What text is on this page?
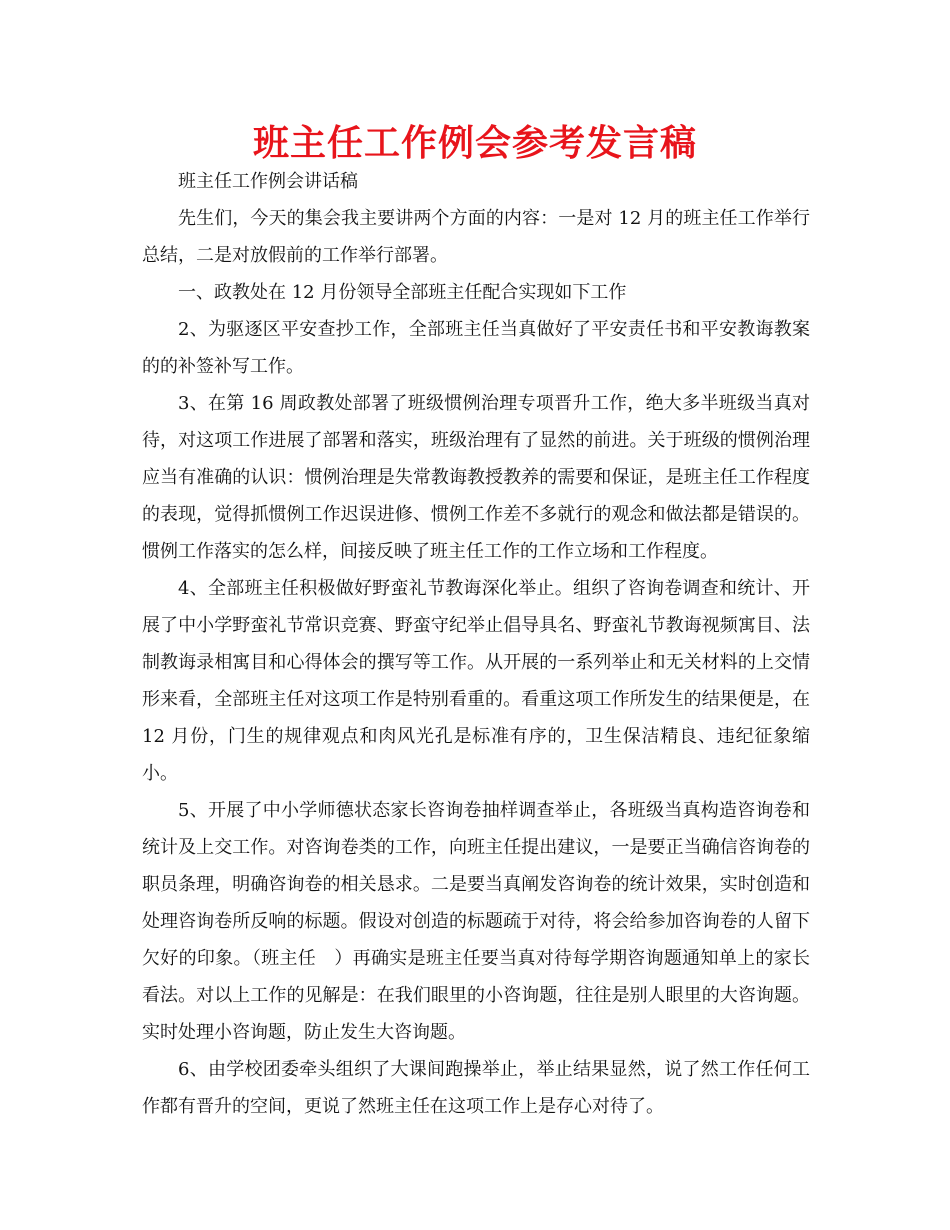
班主任工作例会参考发言稿

班主任工作例会讲话稿

先生们，今天的集会我主要讲两个方面的内容：一是对 12 月的班主任工作举行总结，二是对放假前的工作举行部署。

一、政教处在 12 月份领导全部班主任配合实现如下工作

2、为驱逐区平安查抄工作，全部班主任当真做好了平安责任书和平安教诲教案的的补签补写工作。

3、在第 16 周政教处部署了班级惯例治理专项晋升工作，绝大多半班级当真对待，对这项工作进展了部署和落实，班级治理有了显然的前进。关于班级的惯例治理应当有准确的认识：惯例治理是失常教诲教授教养的需要和保证，是班主任工作程度的表现，觉得抓惯例工作迟误进修、惯例工作差不多就行的观念和做法都是错误的。惯例工作落实的怎么样，间接反映了班主任工作的工作立场和工作程度。

4、全部班主任积极做好野蛮礼节教诲深化举止。组织了咨询卷调查和统计、开展了中小学野蛮礼节常识竞赛、野蛮守纪举止倡导具名、野蛮礼节教诲视频寓目、法制教诲录相寓目和心得体会的撰写等工作。从开展的一系列举止和无关材料的上交情形来看，全部班主任对这项工作是特别看重的。看重这项工作所发生的结果便是，在 12 月份，门生的规律观点和肉风光孔是标准有序的，卫生保洁精良、违纪征象缩小。

5、开展了中小学师德状态家长咨询卷抽样调查举止，各班级当真构造咨询卷和统计及上交工作。对咨询卷类的工作，向班主任提出建议，一是要正当确信咨询卷的职员条理，明确咨询卷的相关恳求。二是要当真阐发咨询卷的统计效果，实时创造和处理咨询卷所反响的标题。假设对创造的标题疏于对待，将会给参加咨询卷的人留下欠好的印象。（班主任　）再确实是班主任要当真对待每学期咨询题通知单上的家长看法。对以上工作的见解是：在我们眼里的小咨询题，往往是别人眼里的大咨询题。实时处理小咨询题，防止发生大咨询题。

6、由学校团委牵头组织了大课间跑操举止，举止结果显然，说了然工作任何工作都有晋升的空间，更说了然班主任在这项工作上是存心对待了。
